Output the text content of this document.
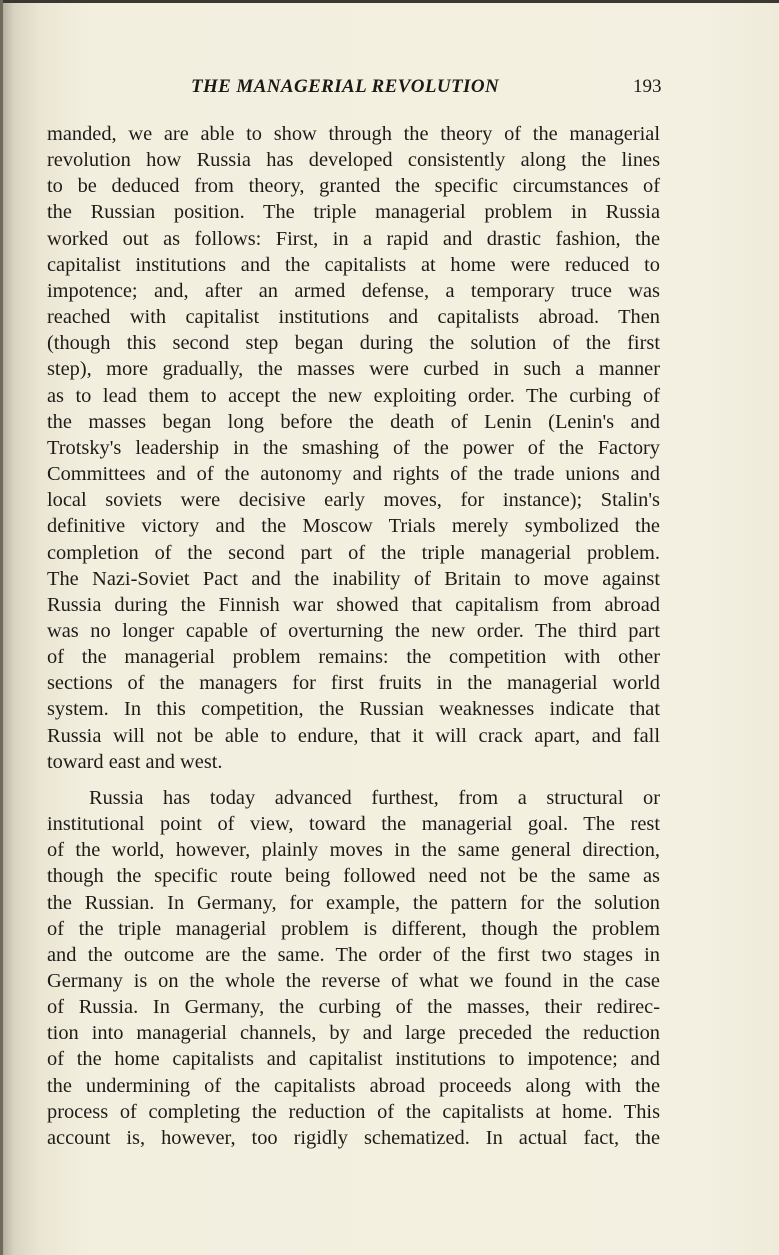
THE MANAGERIAL REVOLUTION	193
manded, we are able to show through the theory of the managerial
revolution how Russia has developed consistently along the lines
to be deduced from theory, granted the specific circumstances of
the Russian position. The triple managerial problem in Russia
worked out as follows: First, in a rapid and drastic fashion, the
capitalist institutions and the capitalists at home were reduced to
impotence; and, after an armed defense, a temporary truce was
reached with capitalist institutions and capitalists abroad. Then
(though this second step began during the solution of the first
step), more gradually, the masses were curbed in such a manner
as to lead them to accept the new exploiting order. The curbing of
the masses began long before the death of Lenin (Lenin's and
Trotsky's leadership in the smashing of the power of the Factory
Committees and of the autonomy and rights of the trade unions and
local soviets were decisive early moves, for instance); Stalin's
definitive victory and the Moscow Trials merely symbolized the
completion of the second part of the triple managerial problem.
The Nazi-Soviet Pact and the inability of Britain to move against
Russia during the Finnish war showed that capitalism from abroad
was no longer capable of overturning the new order. The third part
of the managerial problem remains: the competition with other
sections of the managers for first fruits in the managerial world
system. In this competition, the Russian weaknesses indicate that
Russia will not be able to endure, that it will crack apart, and fall
toward east and west.
Russia has today advanced furthest, from a structural or
institutional point of view, toward the managerial goal. The rest
of the world, however, plainly moves in the same general direction,
though the specific route being followed need not be the same as
the Russian. In Germany, for example, the pattern for the solution
of the triple managerial problem is different, though the problem
and the outcome are the same. The order of the first two stages in
Germany is on the whole the reverse of what we found in the case
of Russia. In Germany, the curbing of the masses, their redirec-
tion into managerial channels, by and large preceded the reduction
of the home capitalists and capitalist institutions to impotence; and
the undermining of the capitalists abroad proceeds along with the
process of completing the reduction of the capitalists at home. This
account is, however, too rigidly schematized. In actual fact, the
